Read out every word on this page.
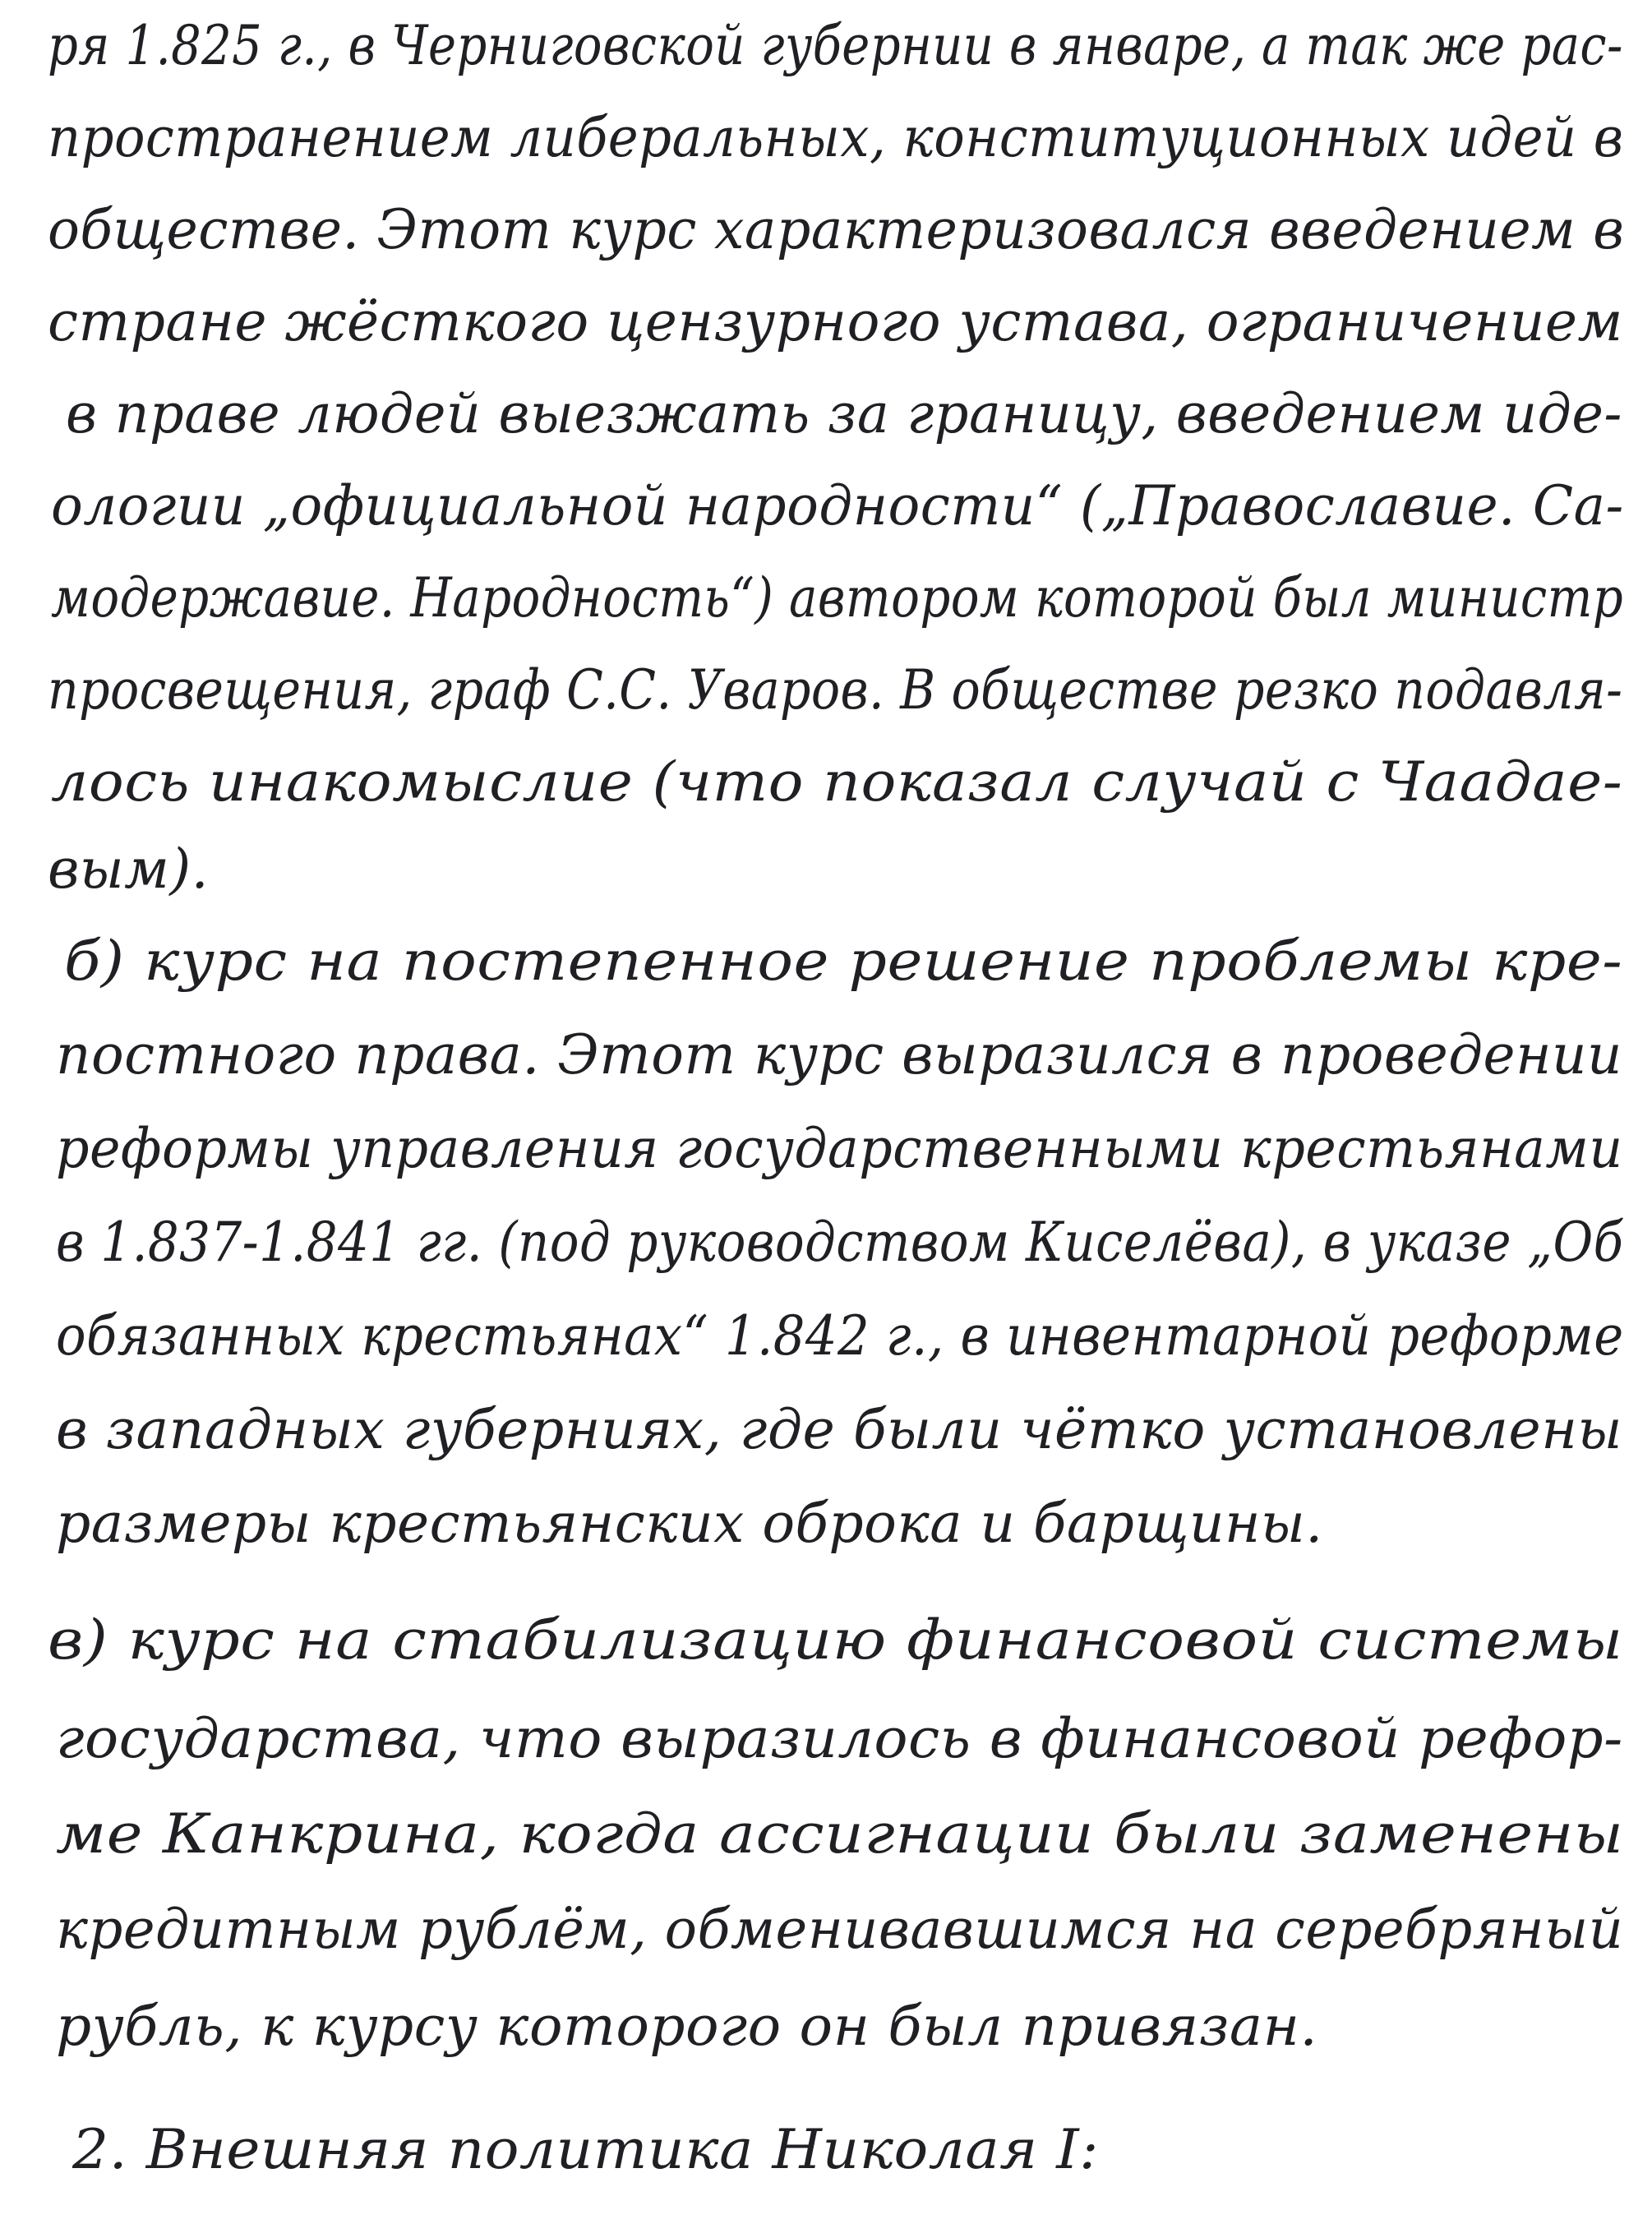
ря 1.825 г., в Черниговской губернии в январе, а так же рас-
пространением либеральных, конституционных идей в
обществе. Этот курс характеризовался введением в
стране жёсткого цензурного устава, ограничением
в праве людей выезжать за границу, введением иде-
ологии „официальной народности“ („Православие. Са-
модержавие. Народность“) автором которой был министр
просвещения, граф С.С. Уваров. В обществе резко подавля-
лось инакомыслие (что показал случай с Чаадае-
вым).
б) курс на постепенное решение проблемы кре-
постного права. Этот курс выразился в проведении
реформы управления государственными крестьянами
в 1.837-1.841 гг. (под руководством Киселёва), в указе „Об
обязанных крестьянах“ 1.842 г., в инвентарной реформе
в западных губерниях, где были чётко установлены
размеры крестьянских оброка и барщины.
в) курс на стабилизацию финансовой системы
государства, что выразилось в финансовой рефор-
ме Канкрина, когда ассигнации были заменены
кредитным рублём, обменивавшимся на серебряный
рубль, к курсу которого он был привязан.
2. Внешняя политика Николая I:
